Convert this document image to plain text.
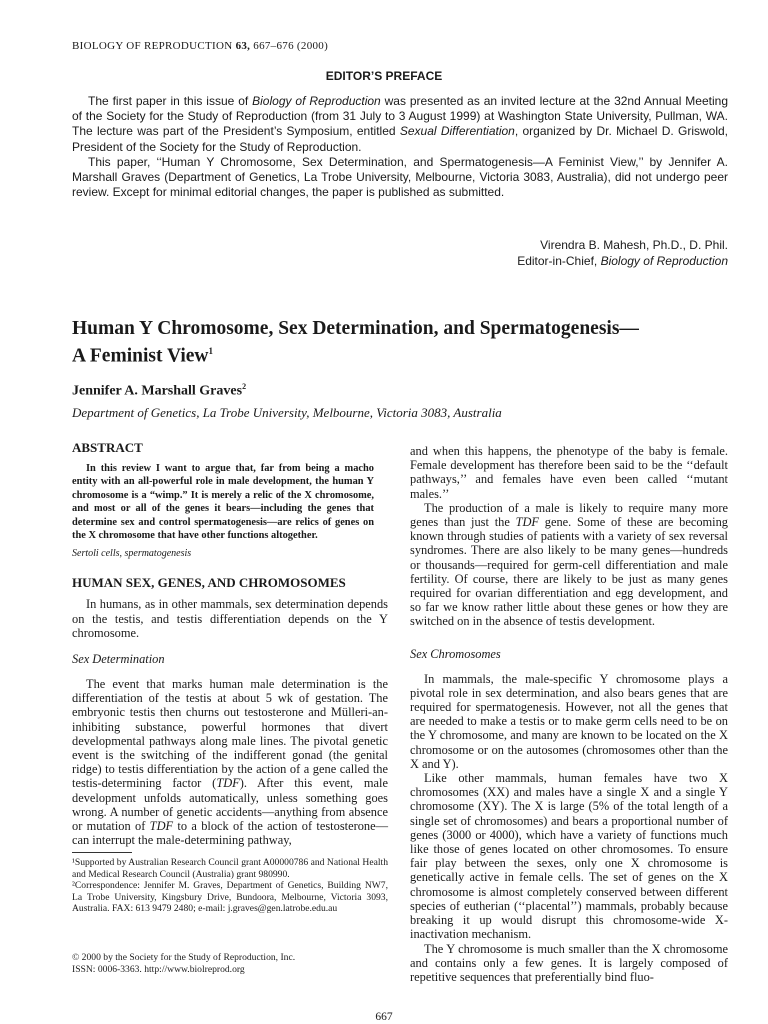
BIOLOGY OF REPRODUCTION 63, 667–676 (2000)
EDITOR’S PREFACE

The first paper in this issue of Biology of Reproduction was presented as an invited lecture at the 32nd Annual Meeting of the Society for the Study of Reproduction (from 31 July to 3 August 1999) at Washington State University, Pullman, WA. The lecture was part of the President’s Symposium, entitled Sexual Differentiation, organized by Dr. Michael D. Griswold, President of the Society for the Study of Reproduction.

This paper, ‘‘Human Y Chromosome, Sex Determination, and Spermatogenesis—A Feminist View,’’ by Jennifer A. Marshall Graves (Department of Genetics, La Trobe University, Melbourne, Victoria 3083, Australia), did not undergo peer review. Except for minimal editorial changes, the paper is published as submitted.

Virendra B. Mahesh, Ph.D., D. Phil.
Editor-in-Chief, Biology of Reproduction
Human Y Chromosome, Sex Determination, and Spermatogenesis—
A Feminist View$^1$
Jennifer A. Marshall Graves$^2$
Department of Genetics, La Trobe University, Melbourne, Victoria 3083, Australia
ABSTRACT

In this review I want to argue that, far from being a macho entity with an all-powerful role in male development, the human Y chromosome is a “wimp.” It is merely a relic of the X chromosome, and most or all of the genes it bears—including the genes that determine sex and control spermatogenesis—are relics of genes on the X chromosome that have other functions altogether.

Sertoli cells, spermatogenesis

HUMAN SEX, GENES, AND CHROMOSOMES

In humans, as in other mammals, sex determination depends on the testis, and testis differentiation depends on the Y chromosome.

Sex Determination

The event that marks human male determination is the differentiation of the testis at about 5 wk of gestation. The embryonic testis then churns out testosterone and Mülleri-an-inhibiting substance, powerful hormones that divert developmental pathways along male lines. The pivotal genetic event is the switching of the indifferent gonad (the genital ridge) to testis differentiation by the action of a gene called the testis-determining factor (TDF). After this event, male development unfolds automatically, unless something goes wrong. A number of genetic accidents—anything from absence or mutation of TDF to a block of the action of testosterone—can interrupt the male-determining pathway,

and when this happens, the phenotype of the baby is female. Female development has therefore been said to be the ‘‘default pathways,’’ and females have even been called ‘‘mutant males.’’

The production of a male is likely to require many more genes than just the TDF gene. Some of these are becoming known through studies of patients with a variety of sex reversal syndromes. There are also likely to be many genes—hundreds or thousands—required for germ-cell differentiation and male fertility. Of course, there are likely to be just as many genes required for ovarian differentiation and egg development, and so far we know rather little about these genes or how they are switched on in the absence of testis development.

Sex Chromosomes

In mammals, the male-specific Y chromosome plays a pivotal role in sex determination, and also bears genes that are required for spermatogenesis. However, not all the genes that are needed to make a testis or to make germ cells need to be on the Y chromosome, and many are known to be located on the X chromosome or on the autosomes (chromosomes other than the X and Y).

Like other mammals, human females have two X chromosomes (XX) and males have a single X and a single Y chromosome (XY). The X is large (5% of the total length of a single set of chromosomes) and bears a proportional number of genes (3000 or 4000), which have a variety of functions much like those of genes located on other chromosomes. To ensure fair play between the sexes, only one X chromosome is genetically active in female cells. The set of genes on the X chromosome is almost completely conserved between different species of eutherian (‘‘placental’’) mammals, probably because breaking it up would disrupt this chromosome-wide X-inactivation mechanism.

The Y chromosome is much smaller than the X chromosome and contains only a few genes. It is largely composed of repetitive sequences that preferentially bind fluo-

¹Supported by Australian Research Council grant A00000786 and National Health and Medical Research Council (Australia) grant 980990.

²Correspondence: Jennifer M. Graves, Department of Genetics, Building NW7, La Trobe University, Kingsbury Drive, Bundoora, Melbourne, Victoria 3093, Australia. FAX: 613 9479 2480; e-mail: j.graves@gen.latrobe.edu.au

© 2000 by the Society for the Study of Reproduction, Inc.

ISSN: 0006-3363. http://www.biolreprod.org

667
